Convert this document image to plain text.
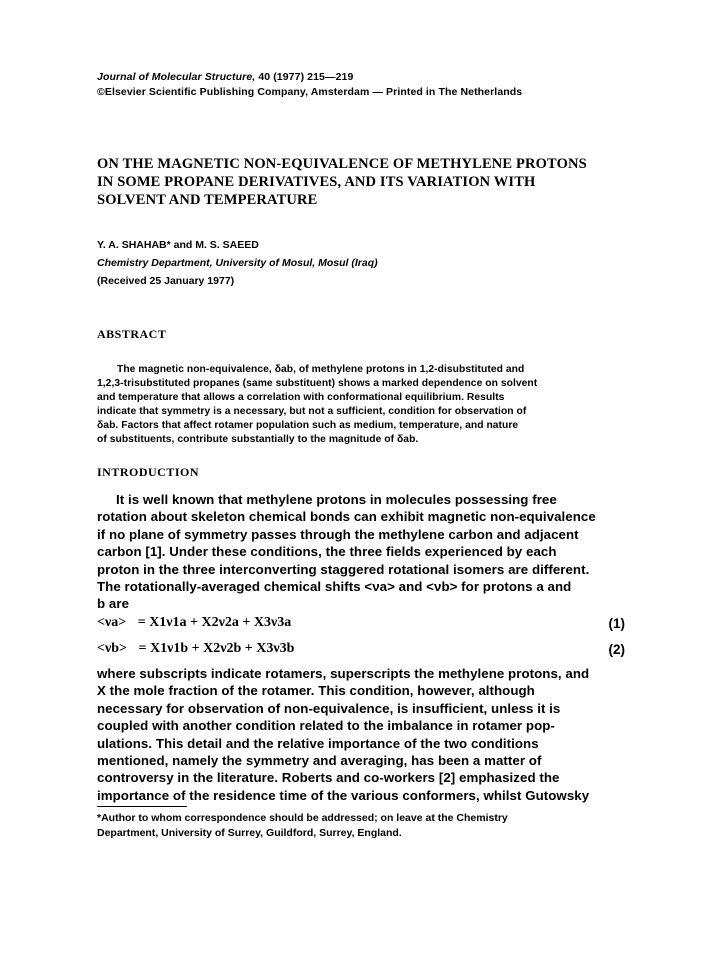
Journal of Molecular Structure, 40 (1977) 215—219
©Elsevier Scientific Publishing Company, Amsterdam — Printed in The Netherlands
ON THE MAGNETIC NON-EQUIVALENCE OF METHYLENE PROTONS
IN SOME PROPANE DERIVATIVES, AND ITS VARIATION WITH
SOLVENT AND TEMPERATURE
Y. A. SHAHAB* and M. S. SAEED
Chemistry Department, University of Mosul, Mosul (Iraq)
(Received 25 January 1977)
ABSTRACT
The magnetic non-equivalence, δab, of methylene protons in 1,2-disubstituted and
1,2,3-trisubstituted propanes (same substituent) shows a marked dependence on solvent
and temperature that allows a correlation with conformational equilibrium. Results
indicate that symmetry is a necessary, but not a sufficient, condition for observation of
δab. Factors that affect rotamer population such as medium, temperature, and nature
of substituents, contribute substantially to the magnitude of δab.
INTRODUCTION
It is well known that methylene protons in molecules possessing free
rotation about skeleton chemical bonds can exhibit magnetic non-equivalence
if no plane of symmetry passes through the methylene carbon and adjacent
carbon [1]. Under these conditions, the three fields experienced by each
proton in the three interconverting staggered rotational isomers are different.
The rotationally-averaged chemical shifts <νa> and <νb> for protons a and
b are
<νa> = X1ν1a + X2ν2a + X3ν3a	(1)
<νb> = X1ν1b + X2ν2b + X3ν3b	(2)
where subscripts indicate rotamers, superscripts the methylene protons, and
X the mole fraction of the rotamer. This condition, however, although
necessary for observation of non-equivalence, is insufficient, unless it is
coupled with another condition related to the imbalance in rotamer pop-
ulations. This detail and the relative importance of the two conditions
mentioned, namely the symmetry and averaging, has been a matter of
controversy in the literature. Roberts and co-workers [2] emphasized the
importance of the residence time of the various conformers, whilst Gutowsky
*Author to whom correspondence should be addressed; on leave at the Chemistry
Department, University of Surrey, Guildford, Surrey, England.
